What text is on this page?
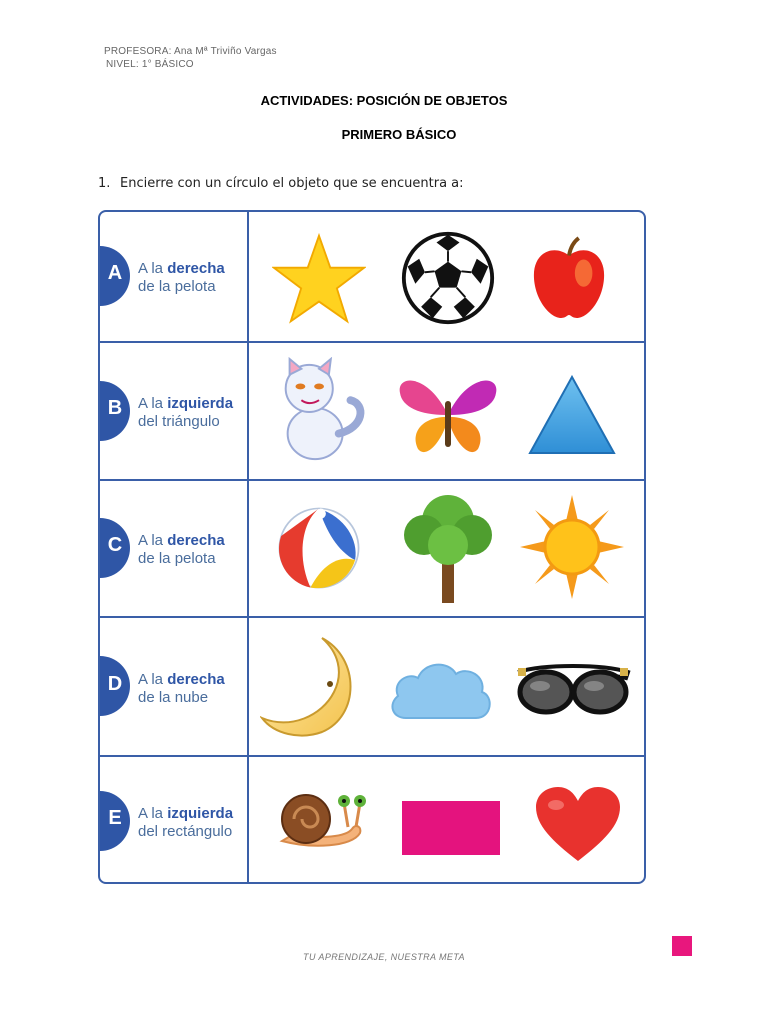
PROFESORA: Ana Mª Triviño Vargas
NIVEL: 1° BÁSICO
ACTIVIDADES: POSICIÓN DE OBJETOS
PRIMERO BÁSICO
1. Encierre con un círculo el objeto que se encuentra a:
A A la derecha
de la pelota
B A la izquierda
del triángulo
C A la derecha
de la pelota
D A la derecha
de la nube
E A la izquierda
del rectángulo
TU APRENDIZAJE, NUESTRA META
